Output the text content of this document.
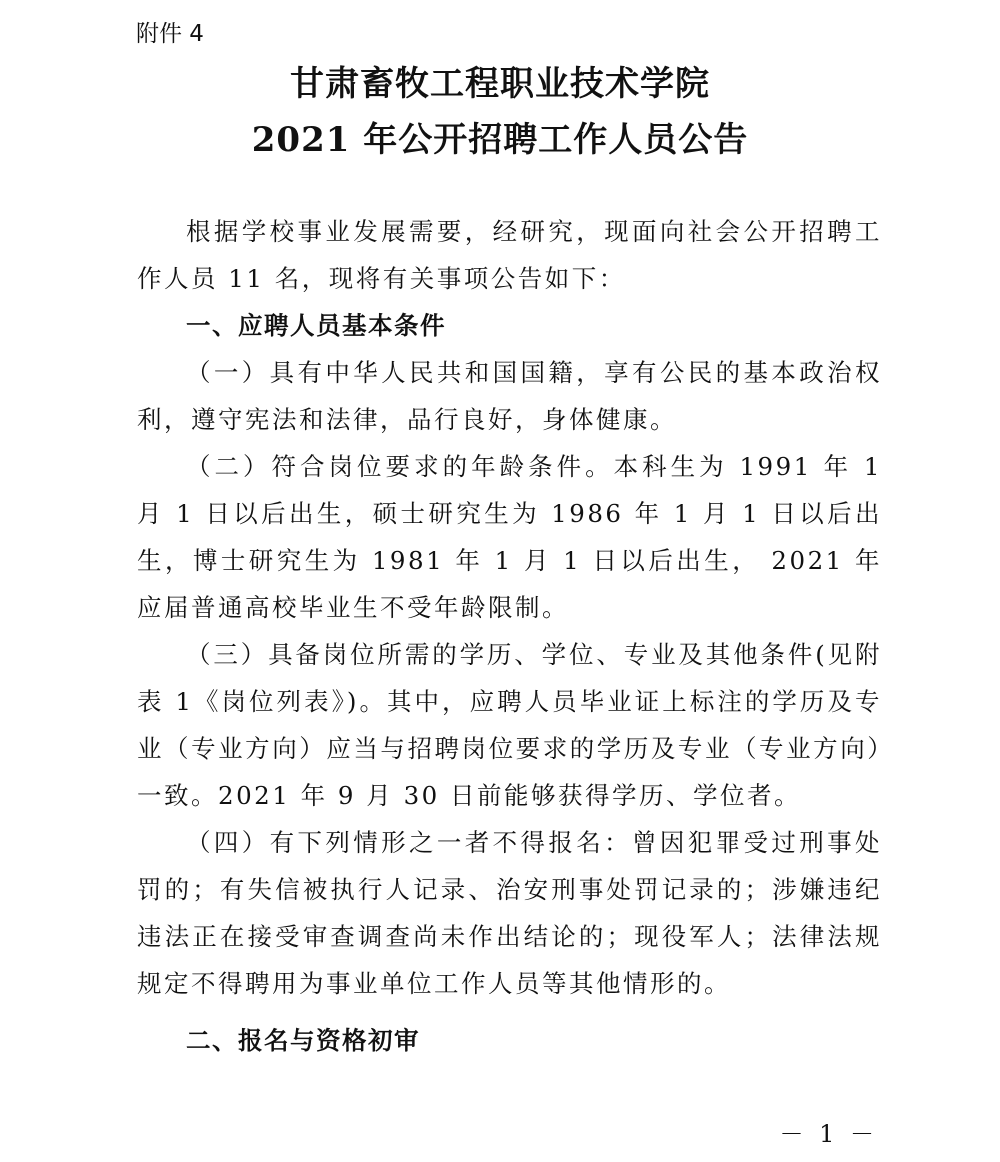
附件 4
甘肃畜牧工程职业技术学院
2021 年公开招聘工作人员公告

根据学校事业发展需要，经研究，现面向社会公开招聘工作人员 11 名，现将有关事项公告如下：

一、应聘人员基本条件

（一）具有中华人民共和国国籍，享有公民的基本政治权利，遵守宪法和法律，品行良好，身体健康。

（二）符合岗位要求的年龄条件。本科生为 1991 年 1 月 1 日以后出生，硕士研究生为 1986 年 1 月 1 日以后出生，博士研究生为 1981 年 1 月 1 日以后出生， 2021 年应届普通高校毕业生不受年龄限制。

（三）具备岗位所需的学历、学位、专业及其他条件(见附表 1《岗位列表》)。其中，应聘人员毕业证上标注的学历及专业（专业方向）应当与招聘岗位要求的学历及专业（专业方向）一致。2021 年 9 月 30 日前能够获得学历、学位者。

（四）有下列情形之一者不得报名：曾因犯罪受过刑事处罚的；有失信被执行人记录、治安刑事处罚记录的；涉嫌违纪违法正在接受审查调查尚未作出结论的；现役军人；法律法规规定不得聘用为事业单位工作人员等其他情形的。

二、报名与资格初审

－ 1 －
